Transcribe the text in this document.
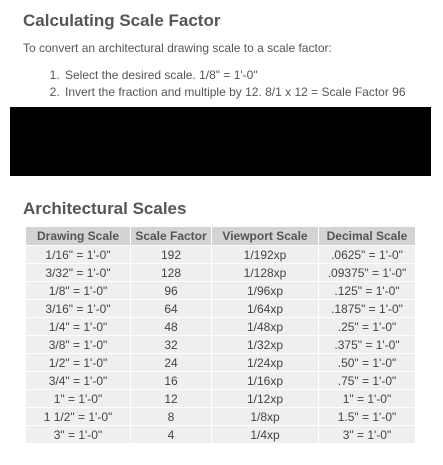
Calculating Scale Factor
To convert an architectural drawing scale to a scale factor:
1. Select the desired scale. 1/8" = 1'-0"
2. Invert the fraction and multiple by 12. 8/1 x 12 = Scale Factor 96
Architectural Scales
Drawing Scale	Scale Factor	Viewport Scale	Decimal Scale
1/16" = 1'-0"	192	1/192xp	.0625" = 1'-0"
3/32" = 1'-0"	128	1/128xp	.09375" = 1'-0"
1/8" = 1'-0"	96	1/96xp	.125" = 1'-0"
3/16" = 1'-0"	64	1/64xp	.1875" = 1'-0"
1/4" = 1'-0"	48	1/48xp	.25" = 1'-0"
3/8" = 1'-0"	32	1/32xp	.375" = 1'-0"
1/2" = 1'-0"	24	1/24xp	.50" = 1'-0"
3/4" = 1'-0"	16	1/16xp	.75" = 1'-0"
1" = 1'-0"	12	1/12xp	1" = 1'-0"
1 1/2" = 1'-0"	8	1/8xp	1.5" = 1'-0"
3" = 1'-0"	4	1/4xp	3" = 1'-0"
